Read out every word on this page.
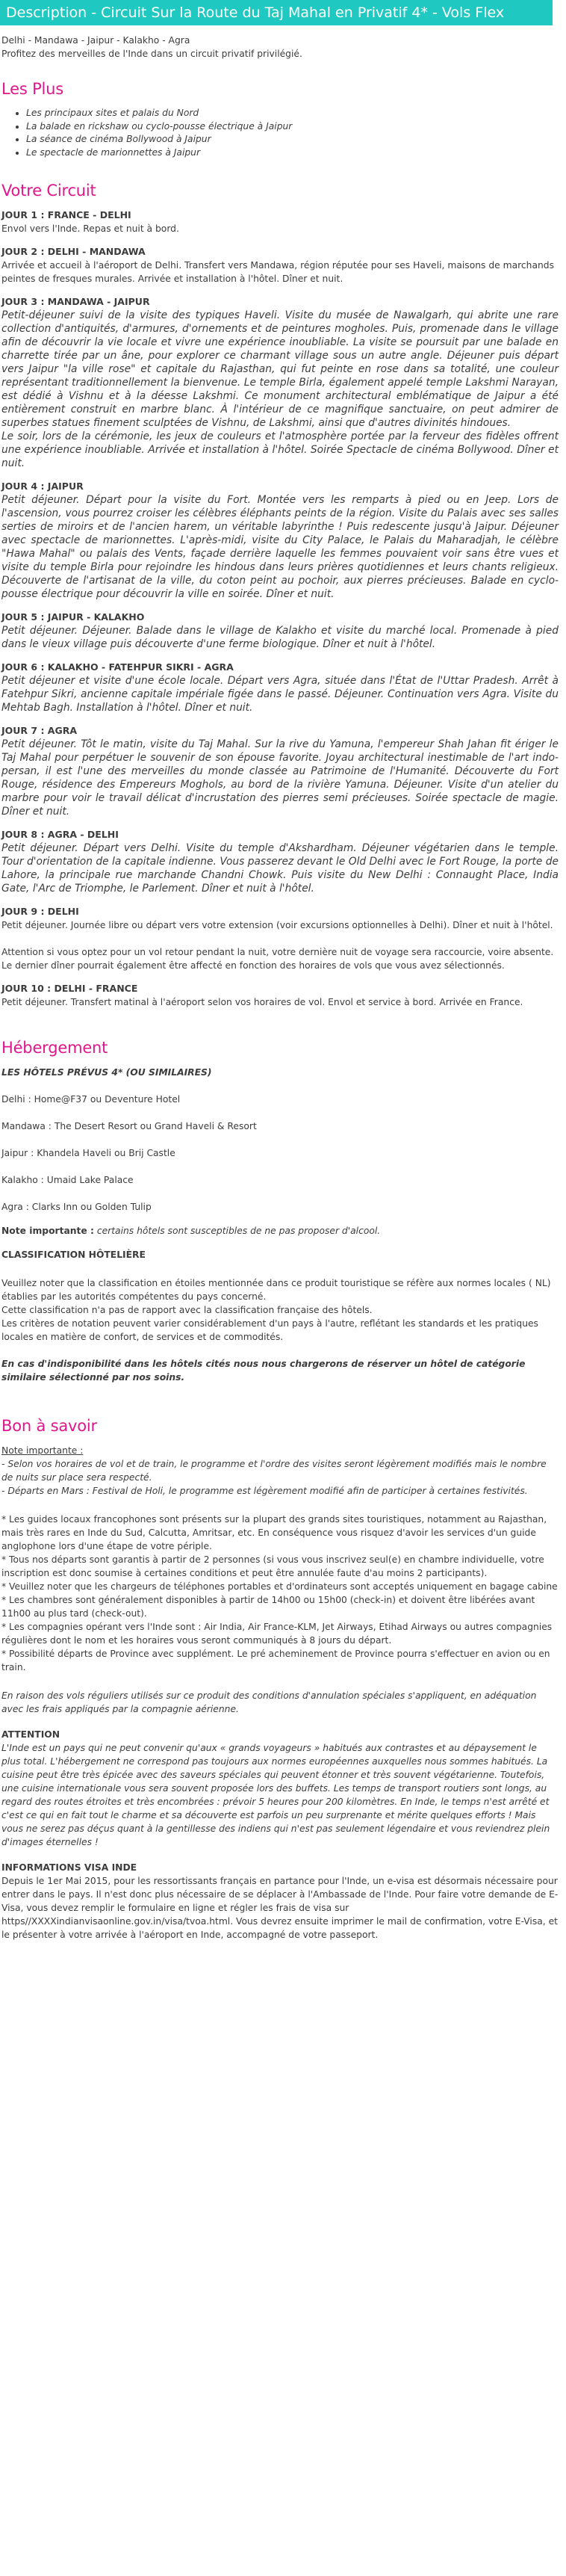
Description - Circuit Sur la Route du Taj Mahal en Privatif 4* - Vols Flex

Delhi - Mandawa - Jaipur - Kalakho - Agra
Profitez des merveilles de l'Inde dans un circuit privatif privilégié.

Les Plus
• Les principaux sites et palais du Nord
• La balade en rickshaw ou cyclo-pousse électrique à Jaipur
• La séance de cinéma Bollywood à Jaipur
• Le spectacle de marionnettes à Jaipur
Votre Circuit

JOUR 1 : FRANCE - DELHI

Envol vers l'Inde. Repas et nuit à bord.

JOUR 2 : DELHI - MANDAWA

Arrivée et accueil à l'aéroport de Delhi. Transfert vers Mandawa, région réputée pour ses Haveli, maisons de marchands peintes de fresques murales. Arrivée et installation à l'hôtel. Dîner et nuit.

JOUR 3 : MANDAWA - JAIPUR

Petit-déjeuner suivi de la visite des typiques Haveli. Visite du musée de Nawalgarh, qui abrite une rare collection d'antiquités, d'armures, d'ornements et de peintures mogholes. Puis, promenade dans le village afin de découvrir la vie locale et vivre une expérience inoubliable. La visite se poursuit par une balade en charrette tirée par un âne, pour explorer ce charmant village sous un autre angle. Déjeuner puis départ vers Jaipur "la ville rose" et capitale du Rajasthan, qui fut peinte en rose dans sa totalité, une couleur représentant traditionnellement la bienvenue. Le temple Birla, également appelé temple Lakshmi Narayan, est dédié à Vishnu et à la déesse Lakshmi. Ce monument architectural emblématique de Jaipur a été entièrement construit en marbre blanc. À l'intérieur de ce magnifique sanctuaire, on peut admirer de superbes statues finement sculptées de Vishnu, de Lakshmi, ainsi que d'autres divinités hindoues.
Le soir, lors de la cérémonie, les jeux de couleurs et l'atmosphère portée par la ferveur des fidèles offrent une expérience inoubliable. Arrivée et installation à l'hôtel. Soirée Spectacle de cinéma Bollywood. Dîner et nuit.

JOUR 4 : JAIPUR

Petit déjeuner. Départ pour la visite du Fort. Montée vers les remparts à pied ou en Jeep. Lors de l'ascension, vous pourrez croiser les célèbres éléphants peints de la région. Visite du Palais avec ses salles serties de miroirs et de l'ancien harem, un véritable labyrinthe ! Puis redescente jusqu'à Jaipur. Déjeuner avec spectacle de marionnettes. L'après-midi, visite du City Palace, le Palais du Maharadjah, le célèbre "Hawa Mahal" ou palais des Vents, façade derrière laquelle les femmes pouvaient voir sans être vues et visite du temple Birla pour rejoindre les hindous dans leurs prières quotidiennes et leurs chants religieux. Découverte de l'artisanat de la ville, du coton peint au pochoir, aux pierres précieuses. Balade en cyclo-pousse électrique pour découvrir la ville en soirée. Dîner et nuit.

JOUR 5 : JAIPUR - KALAKHO

Petit déjeuner. Déjeuner. Balade dans le village de Kalakho et visite du marché local. Promenade à pied dans le vieux village puis découverte d'une ferme biologique. Dîner et nuit à l'hôtel.

JOUR 6 : KALAKHO - FATEHPUR SIKRI - AGRA

Petit déjeuner et visite d'une école locale. Départ vers Agra, située dans l'État de l'Uttar Pradesh. Arrêt à Fatehpur Sikri, ancienne capitale impériale figée dans le passé. Déjeuner. Continuation vers Agra. Visite du Mehtab Bagh. Installation à l'hôtel. Dîner et nuit.

JOUR 7 : AGRA

Petit déjeuner. Tôt le matin, visite du Taj Mahal. Sur la rive du Yamuna, l'empereur Shah Jahan fit ériger le Taj Mahal pour perpétuer le souvenir de son épouse favorite. Joyau architectural inestimable de l'art indo-persan, il est l'une des merveilles du monde classée au Patrimoine de l'Humanité. Découverte du Fort Rouge, résidence des Empereurs Moghols, au bord de la rivière Yamuna. Déjeuner. Visite d'un atelier du marbre pour voir le travail délicat d'incrustation des pierres semi précieuses. Soirée spectacle de magie. Dîner et nuit.

JOUR 8 : AGRA - DELHI

Petit déjeuner. Départ vers Delhi. Visite du temple d'Akshardham. Déjeuner végétarien dans le temple. Tour d'orientation de la capitale indienne. Vous passerez devant le Old Delhi avec le Fort Rouge, la porte de Lahore, la principale rue marchande Chandni Chowk. Puis visite du New Delhi : Connaught Place, India Gate, l'Arc de Triomphe, le Parlement. Dîner et nuit à l'hôtel.

JOUR 9 : DELHI

Petit déjeuner. Journée libre ou départ vers votre extension (voir excursions optionnelles à Delhi). Dîner et nuit à l'hôtel.

Attention si vous optez pour un vol retour pendant la nuit, votre dernière nuit de voyage sera raccourcie, voire absente. Le dernier dîner pourrait également être affecté en fonction des horaires de vols que vous avez sélectionnés.

JOUR 10 : DELHI - FRANCE

Petit déjeuner. Transfert matinal à l'aéroport selon vos horaires de vol. Envol et service à bord. Arrivée en France.

Hébergement

LES HÔTELS PRÉVUS 4* (OU SIMILAIRES)

Delhi : Home@F37 ou Deventure Hotel

Mandawa : The Desert Resort ou Grand Haveli & Resort

Jaipur : Khandela Haveli ou Brij Castle

Kalakho : Umaid Lake Palace

Agra : Clarks Inn ou Golden Tulip

Note importante : certains hôtels sont susceptibles de ne pas proposer d'alcool.

CLASSIFICATION HÔTELIÈRE

Veuillez noter que la classification en étoiles mentionnée dans ce produit touristique se réfère aux normes locales ( NL) établies par les autorités compétentes du pays concerné.
Cette classification n'a pas de rapport avec la classification française des hôtels.
Les critères de notation peuvent varier considérablement d'un pays à l'autre, reflétant les standards et les pratiques locales en matière de confort, de services et de commodités.

En cas d'indisponibilité dans les hôtels cités nous nous chargerons de réserver un hôtel de catégorie similaire sélectionné par nos soins.

Bon à savoir

Note importante :

- Selon vos horaires de vol et de train, le programme et l'ordre des visites seront légèrement modifiés mais le nombre de nuits sur place sera respecté.
- Départs en Mars : Festival de Holi, le programme est légèrement modifié afin de participer à certaines festivités.

* Les guides locaux francophones sont présents sur la plupart des grands sites touristiques, notamment au Rajasthan, mais très rares en Inde du Sud, Calcutta, Amritsar, etc. En conséquence vous risquez d'avoir les services d'un guide anglophone lors d'une étape de votre périple.
* Tous nos départs sont garantis à partir de 2 personnes (si vous vous inscrivez seul(e) en chambre individuelle, votre inscription est donc soumise à certaines conditions et peut être annulée faute d'au moins 2 participants).
* Veuillez noter que les chargeurs de téléphones portables et d'ordinateurs sont acceptés uniquement en bagage cabine
* Les chambres sont généralement disponibles à partir de 14h00 ou 15h00 (check-in) et doivent être libérées avant 11h00 au plus tard (check-out).
* Les compagnies opérant vers l'Inde sont : Air India, Air France-KLM, Jet Airways, Etihad Airways ou autres compagnies régulières dont le nom et les horaires vous seront communiqués à 8 jours du départ.
* Possibilité départs de Province avec supplément. Le pré acheminement de Province pourra s'effectuer en avion ou en train.

En raison des vols réguliers utilisés sur ce produit des conditions d'annulation spéciales s'appliquent, en adéquation avec les frais appliqués par la compagnie aérienne.

ATTENTION

L'Inde est un pays qui ne peut convenir qu'aux « grands voyageurs » habitués aux contrastes et au dépaysement le plus total. L'hébergement ne correspond pas toujours aux normes européennes auxquelles nous sommes habitués. La cuisine peut être très épicée avec des saveurs spéciales qui peuvent étonner et très souvent végétarienne. Toutefois, une cuisine internationale vous sera souvent proposée lors des buffets. Les temps de transport routiers sont longs, au regard des routes étroites et très encombrées : prévoir 5 heures pour 200 kilomètres. En Inde, le temps n'est arrêté et c'est ce qui en fait tout le charme et sa découverte est parfois un peu surprenante et mérite quelques efforts ! Mais vous ne serez pas déçus quant à la gentillesse des indiens qui n'est pas seulement légendaire et vous reviendrez plein d'images éternelles !

INFORMATIONS VISA INDE

Depuis le 1er Mai 2015, pour les ressortissants français en partance pour l'Inde, un e-visa est désormais nécessaire pour entrer dans le pays. Il n'est donc plus nécessaire de se déplacer à l'Ambassade de l'Inde. Pour faire votre demande de E-Visa, vous devez remplir le formulaire en ligne et régler les frais de visa sur https//XXXXindianvisaonline.gov.in/visa/tvoa.html. Vous devrez ensuite imprimer le mail de confirmation, votre E-Visa, et le présenter à votre arrivée à l'aéroport en Inde, accompagné de votre passeport.
